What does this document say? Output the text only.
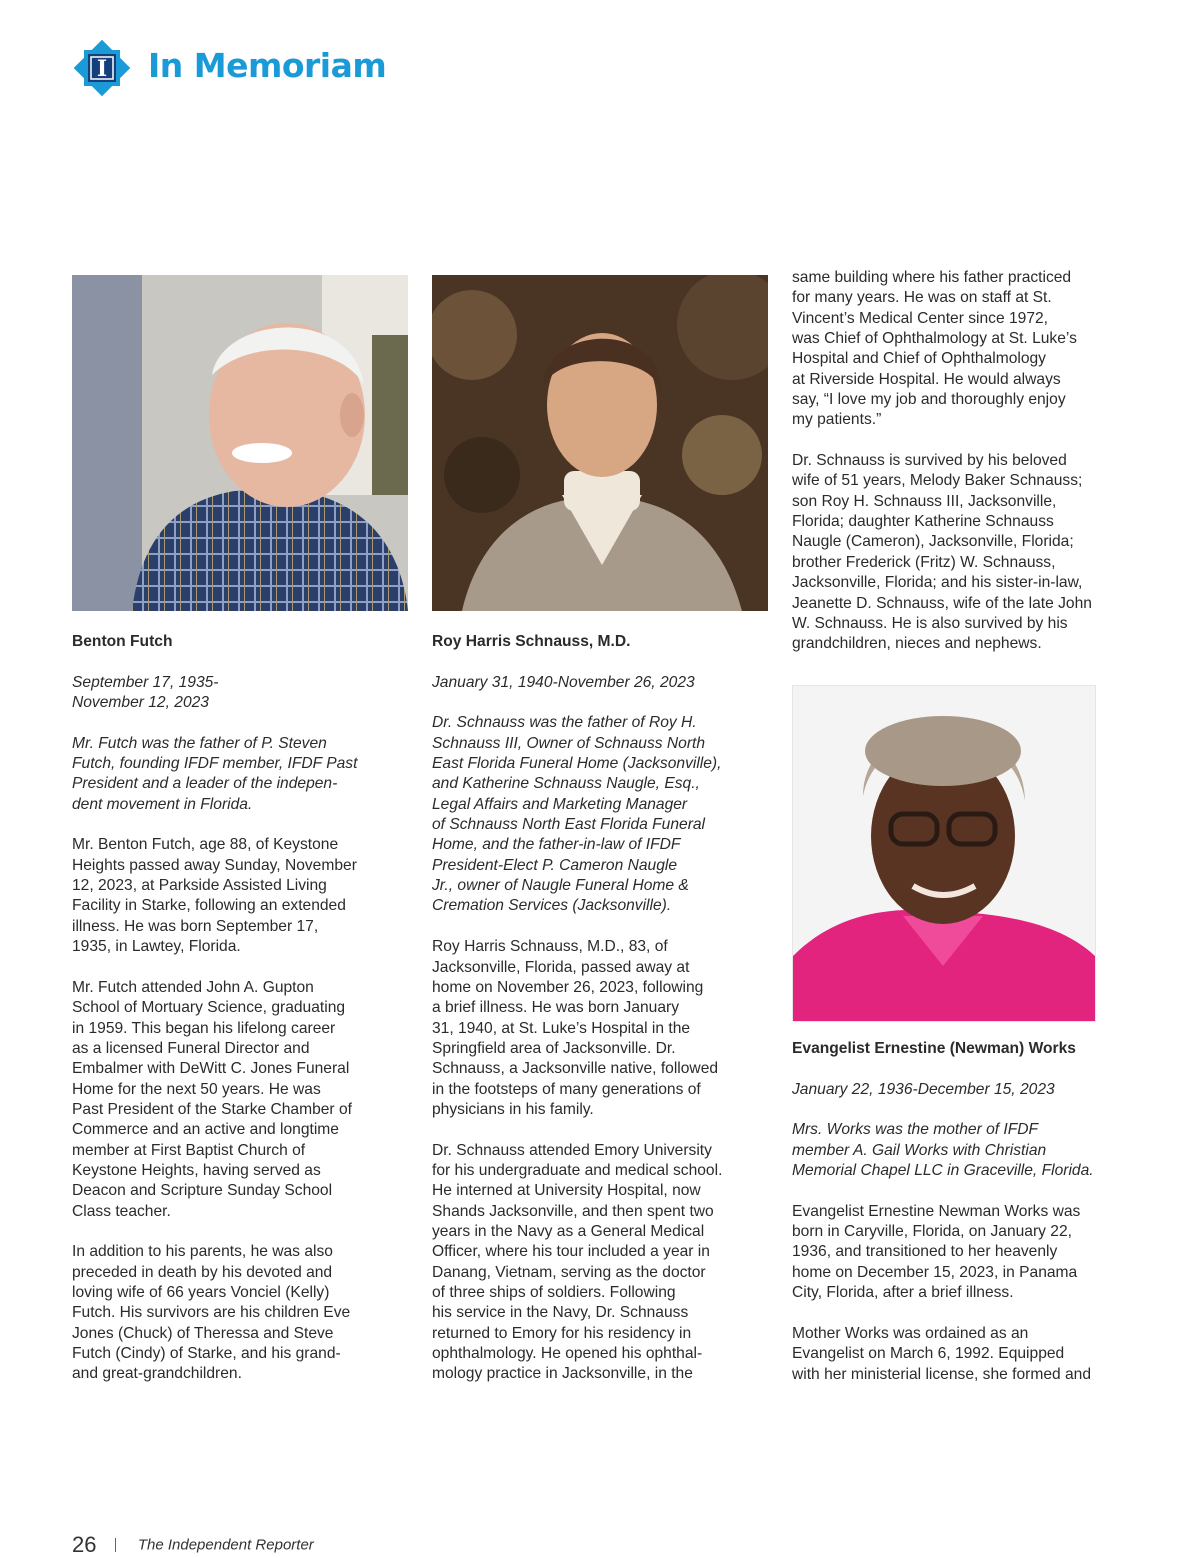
I In Memoriam

Benton Futch

September 17, 1935-
November 12, 2023

Mr. Futch was the father of P. Steven
Futch, founding IFDF member, IFDF Past
President and a leader of the indepen-
dent movement in Florida.

Mr. Benton Futch, age 88, of Keystone
Heights passed away Sunday, November
12, 2023, at Parkside Assisted Living
Facility in Starke, following an extended
illness. He was born September 17,
1935, in Lawtey, Florida.

Mr. Futch attended John A. Gupton
School of Mortuary Science, graduating
in 1959. This began his lifelong career
as a licensed Funeral Director and
Embalmer with DeWitt C. Jones Funeral
Home for the next 50 years. He was
Past President of the Starke Chamber of
Commerce and an active and longtime
member at First Baptist Church of
Keystone Heights, having served as
Deacon and Scripture Sunday School
Class teacher.

In addition to his parents, he was also
preceded in death by his devoted and
loving wife of 66 years Vonciel (Kelly)
Futch. His survivors are his children Eve
Jones (Chuck) of Theressa and Steve
Futch (Cindy) of Starke, and his grand-
and great-grandchildren.

Roy Harris Schnauss, M.D.

January 31, 1940-November 26, 2023

Dr. Schnauss was the father of Roy H.
Schnauss III, Owner of Schnauss North
East Florida Funeral Home (Jacksonville),
and Katherine Schnauss Naugle, Esq.,
Legal Affairs and Marketing Manager
of Schnauss North East Florida Funeral
Home, and the father-in-law of IFDF
President-Elect P. Cameron Naugle
Jr., owner of Naugle Funeral Home &
Cremation Services (Jacksonville).

Roy Harris Schnauss, M.D., 83, of
Jacksonville, Florida, passed away at
home on November 26, 2023, following
a brief illness. He was born January
31, 1940, at St. Luke’s Hospital in the
Springfield area of Jacksonville. Dr.
Schnauss, a Jacksonville native, followed
in the footsteps of many generations of
physicians in his family.

Dr. Schnauss attended Emory University
for his undergraduate and medical school.
He interned at University Hospital, now
Shands Jacksonville, and then spent two
years in the Navy as a General Medical
Officer, where his tour included a year in
Danang, Vietnam, serving as the doctor
of three ships of soldiers. Following
his service in the Navy, Dr. Schnauss
returned to Emory for his residency in
ophthalmology. He opened his ophthal-
mology practice in Jacksonville, in the

same building where his father practiced
for many years. He was on staff at St.
Vincent’s Medical Center since 1972,
was Chief of Ophthalmology at St. Luke’s
Hospital and Chief of Ophthalmology
at Riverside Hospital. He would always
say, “I love my job and thoroughly enjoy
my patients.”

Dr. Schnauss is survived by his beloved
wife of 51 years, Melody Baker Schnauss;
son Roy H. Schnauss III, Jacksonville,
Florida; daughter Katherine Schnauss
Naugle (Cameron), Jacksonville, Florida;
brother Frederick (Fritz) W. Schnauss,
Jacksonville, Florida; and his sister-in-law,
Jeanette D. Schnauss, wife of the late John
W. Schnauss. He is also survived by his
grandchildren, nieces and nephews.

Evangelist Ernestine (Newman) Works

January 22, 1936-December 15, 2023

Mrs. Works was the mother of IFDF
member A. Gail Works with Christian
Memorial Chapel LLC in Graceville, Florida.

Evangelist Ernestine Newman Works was
born in Caryville, Florida, on January 22,
1936, and transitioned to her heavenly
home on December 15, 2023, in Panama
City, Florida, after a brief illness.

Mother Works was ordained as an
Evangelist on March 6, 1992. Equipped
with her ministerial license, she formed and

26	The Independent Reporter
